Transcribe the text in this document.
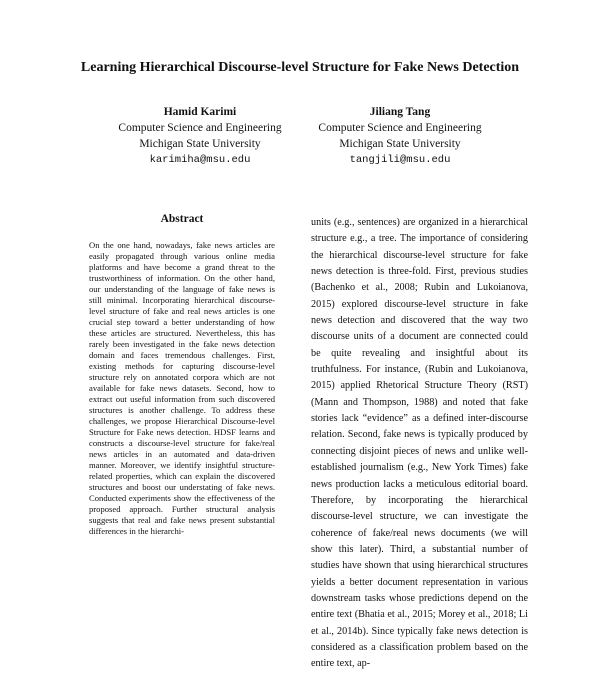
Learning Hierarchical Discourse-level Structure for Fake News Detection
Hamid Karimi
Computer Science and Engineering
Michigan State University
karimiha@msu.edu
Jiliang Tang
Computer Science and Engineering
Michigan State University
tangjili@msu.edu
Abstract

On the one hand, nowadays, fake news articles are easily propagated through various online media platforms and have become a grand threat to the trustworthiness of information. On the other hand, our understanding of the language of fake news is still minimal. Incorporating hierarchical discourse-level structure of fake and real news articles is one crucial step toward a better understanding of how these articles are structured. Nevertheless, this has rarely been investigated in the fake news detection domain and faces tremendous challenges. First, existing methods for capturing discourse-level structure rely on annotated corpora which are not available for fake news datasets. Second, how to extract out useful information from such discovered structures is another challenge. To address these challenges, we propose Hierarchical Discourse-level Structure for Fake news detection. HDSF learns and constructs a discourse-level structure for fake/real news articles in an automated and data-driven manner. Moreover, we identify insightful structure-related properties, which can explain the discovered structures and boost our understating of fake news. Conducted experiments show the effectiveness of the proposed approach. Further structural analysis suggests that real and fake news present substantial differences in the hierarchi-

units (e.g., sentences) are organized in a hierarchical structure e.g., a tree. The importance of considering the hierarchical discourse-level structure for fake news detection is three-fold. First, previous studies (Bachenko et al., 2008; Rubin and Lukoianova, 2015) explored discourse-level structure in fake news detection and discovered that the way two discourse units of a document are connected could be quite revealing and insightful about its truthfulness. For instance, (Rubin and Lukoianova, 2015) applied Rhetorical Structure Theory (RST) (Mann and Thompson, 1988) and noted that fake stories lack “evidence” as a defined inter-discourse relation. Second, fake news is typically produced by connecting disjoint pieces of news and unlike well-established journalism (e.g., New York Times) fake news production lacks a meticulous editorial board. Therefore, by incorporating the hierarchical discourse-level structure, we can investigate the coherence of fake/real news documents (we will show this later). Third, a substantial number of studies have shown that using hierarchical structures yields a better document representation in various downstream tasks whose predictions depend on the entire text (Bhatia et al., 2015; Morey et al., 2018; Li et al., 2014b). Since typically fake news detection is considered as a classification problem based on the entire text, ap-
